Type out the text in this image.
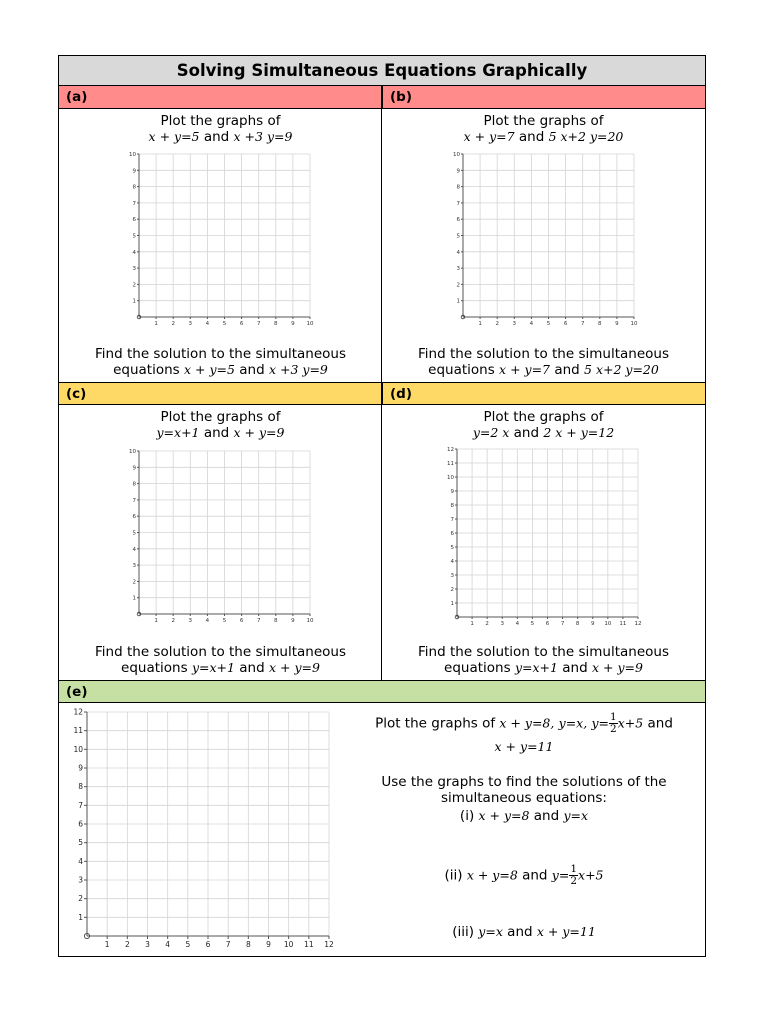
Solving Simultaneous Equations Graphically
(a)	(b)
Plot the graphs of
x + y=5 and x +3 y=9
1
1
2
2
3
3
4
4
5
5
6
6
7
7
8
8
9
9
10
10
Find the solution to the simultaneous
equations x + y=5 and x +3 y=9
Plot the graphs of
x + y=7 and 5 x+2 y=20
1
1
2
2
3
3
4
4
5
5
6
6
7
7
8
8
9
9
10
10
Find the solution to the simultaneous
equations x + y=7 and 5 x+2 y=20
(c)	(d)
Plot the graphs of
y=x+1 and x + y=9
1
1
2
2
3
3
4
4
5
5
6
6
7
7
8
8
9
9
10
10
Find the solution to the simultaneous
equations y=x+1 and x + y=9
Plot the graphs of
y=2 x and 2 x + y=12
1
1
2
2
3
3
4
4
5
5
6
6
7
7
8
8
9
9
10
10
11
11
12
12
Find the solution to the simultaneous
equations y=x+1 and x + y=9
(e)
1
1
2
2
3
3
4
4
5
5
6
6
7
7
8
8
9
9
10
10
11
11
12
12
Plot the graphs of x + y=8, y=x, $y= \frac{1}{2} x+5$ and
x + y=11
Use the graphs to find the solutions of the
simultaneous equations:
(i) x + y=8 and y=x
(ii) x + y=8 and $y= \frac{1}{2} x+5$
(iii) y=x and x + y=11
